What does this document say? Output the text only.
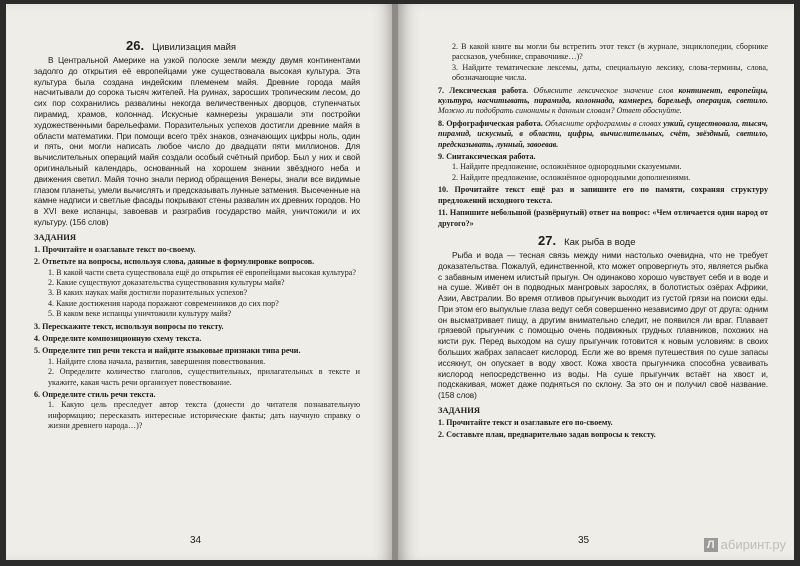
26. Цивилизация майя

В Центральной Америке на узкой полоске земли между двумя континентами задолго до открытия её европейцами уже существовала высокая культура. Эта культура была создана индейским племенем майя. Древние города майя насчитывали до сорока тысяч жителей. На руинах, заросших тропическим лесом, до сих пор сохранились развалины некогда величественных дворцов, ступенчатых пирамид, храмов, колоннад. Искусные камнерезы украшали эти постройки художественными барельефами. Поразительных успехов достигли древние майя в области математики. При помощи всего трёх знаков, означающих цифры ноль, один и пять, они могли написать любое число до двадцати пяти миллионов. Для вычислительных операций майя создали особый счётный прибор. Был у них и свой оригинальный календарь, основанный на хорошем знании звёздного неба и движения светил. Майя точно знали период обращения Венеры, знали все видимые глазом планеты, умели вычислять и предсказывать лунные затмения. Высеченные на камне надписи и светлые фасады покрывают стены развалин их древних городов. Но в XVI веке испанцы, завоевав и разграбив государство майя, уничтожили и их культуру. (156 слов)

ЗАДАНИЯ

1. Прочитайте и озаглавьте текст по-своему.

2. Ответьте на вопросы, используя слова, данные в формулировке вопросов.

1. В какой части света существовала ещё до открытия её европейцами высокая культура?

2. Какие существуют доказательства существования культуры майя?

3. В каких науках майя достигли поразительных успехов?

4. Какие достижения народа поражают современников до сих пор?

5. В каком веке испанцы уничтожили культуру майя?

3. Перескажите текст, используя вопросы по тексту.

4. Определите композиционную схему текста.

5. Определите тип речи текста и найдите языковые признаки типа речи.

1. Найдите слова начала, развития, завершения повествования.

2. Определите количество глаголов, существительных, прилагательных в тексте и укажите, какая часть речи организует повествование.

6. Определите стиль речи текста.

1. Какую цель преследует автор текста (донести до читателя познавательную информацию; пересказать интересные исторические факты; дать научную справку о жизни древнего народа…)?

34

2. В какой книге вы могли бы встретить этот текст (в журнале, энциклопедии, сборнике рассказов, учебнике, справочнике…)?

3. Найдите тематические лексемы, даты, специальную лексику, слова-термины, слова, обозначающие числа.

7. Лексическая работа. Объясните лексическое значение слов континент, европейцы, культура, насчитывать, пирамида, колоннада, камнерез, барельеф, операция, светило. Можно ли подобрать синонимы к данным словам? Ответ обоснуйте.

8. Орфографическая работа. Объясните орфограммы в словах узкий, существовала, тысяч, пирамид, искусный, в области, цифры, вычислительных, счёт, звёздный, светило, предсказывать, лунный, завоевав.

9. Синтаксическая работа.

1. Найдите предложение, осложнённое однородными сказуемыми.

2. Найдите предложение, осложнённое однородными дополнениями.

10. Прочитайте текст ещё раз и запишите его по памяти, сохраняя структуру предложений исходного текста.

11. Напишите небольшой (развёрнутый) ответ на вопрос: «Чем отличается один народ от другого?»

27. Как рыба в воде

Рыба и вода — тесная связь между ними настолько очевидна, что не требует доказательства. Пожалуй, единственной, кто может опровергнуть это, является рыбка с забавным именем илистый прыгун. Он одинаково хорошо чувствует себя и в воде и на суше. Живёт он в подводных мангровых зарослях, в болотистых озёрах Африки, Азии, Австралии. Во время отливов прыгунчик выходит из густой грязи на поиски еды. При этом его выпуклые глаза ведут себя совершенно независимо друг от друга: одним он высматривает пищу, а другим внимательно следит, не появился ли враг. Плавает грязевой прыгунчик с помощью очень подвижных грудных плавников, похожих на кисти рук. Перед выходом на сушу прыгунчик готовится к новым условиям: в своих больших жабрах запасает кислород. Если же во время путешествия по суше запасы иссякнут, он опускает в воду хвост. Кожа хвоста прыгунчика способна усваивать кислород непосредственно из воды. На суше прыгунчик встаёт на хвост и, подскакивая, может даже подняться по склону. За это он и получил своё название. (158 слов)

ЗАДАНИЯ

1. Прочитайте текст и озаглавьте его по-своему.

2. Составьте план, предварительно задав вопросы к тексту.

35	Л абиринт.ру
